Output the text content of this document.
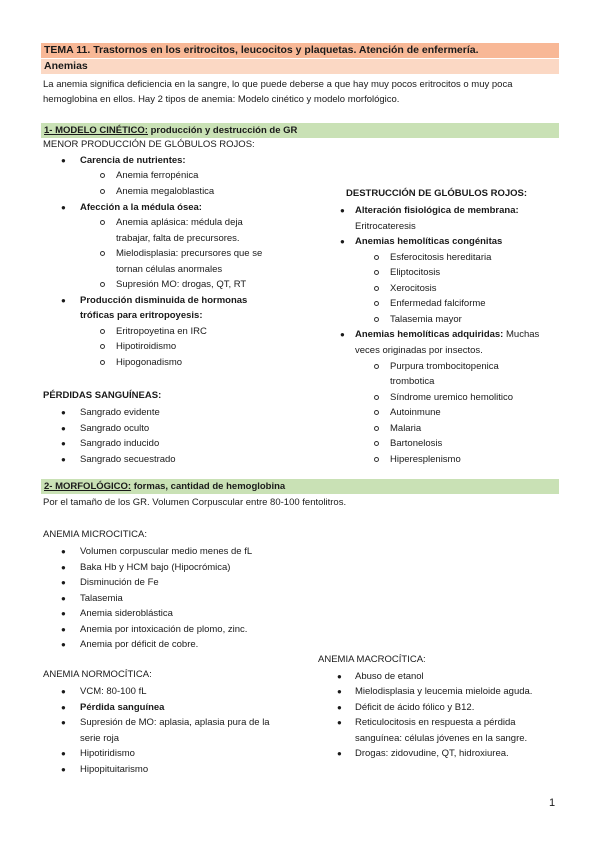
TEMA 11. Trastornos en los eritrocitos, leucocitos y plaquetas. Atención de enfermería.
Anemias
La anemia significa deficiencia en la sangre, lo que puede deberse a que hay muy pocos eritrocitos o muy poca
hemoglobina en ellos. Hay 2 tipos de anemia: Modelo cinético y modelo morfológico.
1- MODELO CINÉTICO: producción y destrucción de GR
MENOR PRODUCCIÓN DE GLÓBULOS ROJOS:
● Carencia de nutrientes:
Anemia ferropénica
Anemia megaloblastica
● Afección a la médula ósea:
Anemia aplásica: médula deja
trabajar, falta de precursores.
Mielodisplasia: precursores que se
tornan células anormales
Supresión MO: drogas, QT, RT
● Producción disminuida de hormonas
tróficas para eritropoyesis:
Eritropoyetina en IRC
Hipotiroidismo
Hipogonadismo
PÉRDIDAS SANGUÍNEAS:
● Sangrado evidente
● Sangrado oculto
● Sangrado inducido
● Sangrado secuestrado
DESTRUCCIÓN DE GLÓBULOS ROJOS:
● Alteración fisiológica de membrana:
Eritrocateresis
● Anemias hemolíticas congénitas
Esferocitosis hereditaria
Eliptocitosis
Xerocitosis
Enfermedad falciforme
Talasemia mayor
● Anemias hemolíticas adquiridas: Muchas
veces originadas por insectos.
Purpura trombocitopenica
trombotica
Síndrome uremico hemolitico
Autoinmune
Malaria
Bartonelosis
Hiperesplenismo
2- MORFOLÓGICO: formas, cantidad de hemoglobina
Por el tamaño de los GR. Volumen Corpuscular entre 80-100 fentolitros.
ANEMIA MICROCITICA:
● Volumen corpuscular medio menes de fL
● Baka Hb y HCM bajo (Hipocrómica)
● Disminución de Fe
● Talasemia
● Anemia sideroblástica
● Anemia por intoxicación de plomo, zinc.
● Anemia por déficit de cobre.
ANEMIA NORMOCÍTICA:
● VCM: 80-100 fL
● Pérdida sanguínea
● Supresión de MO: aplasia, aplasia pura de la
serie roja
● Hipotiridismo
● Hipopituitarismo
ANEMIA MACROCÍTICA:
● Abuso de etanol
● Mielodisplasia y leucemia mieloide aguda.
● Déficit de ácido fólico y B12.
● Reticulocitosis en respuesta a pérdida
sanguínea: células jóvenes en la sangre.
● Drogas: zidovudine, QT, hidroxiurea.
1
